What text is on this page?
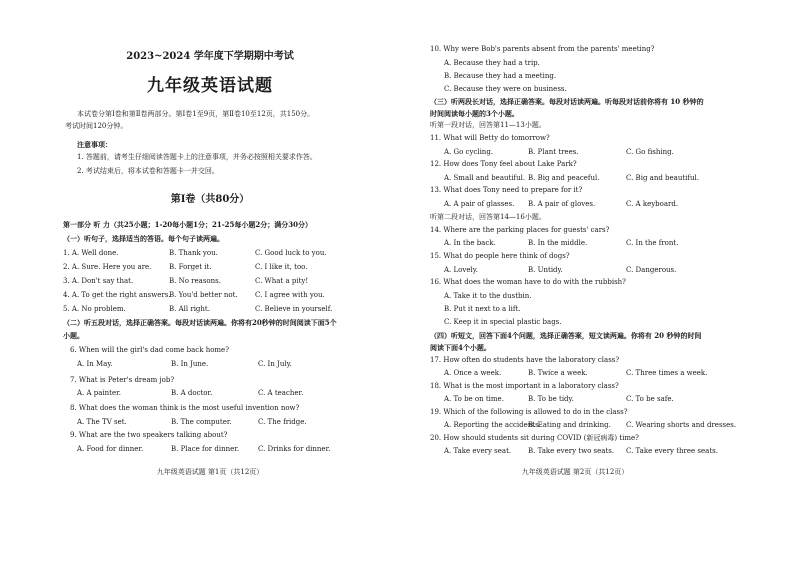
2023~2024 学年度下学期期中考试
九年级英语试题
本试卷分第Ⅰ卷和第Ⅱ卷两部分。第Ⅰ卷1至9页，第Ⅱ卷10至12页，共150分。
考试时间120分钟。
注意事项：
1. 答题前，请考生仔细阅读答题卡上的注意事项，并务必按照相关要求作答。
2. 考试结束后，将本试卷和答题卡一并交回。
第Ⅰ卷（共80分）
第一部分 听 力（共25小题；1-20每小题1分；21-25每小题2分；满分30分）
（一）听句子，选择适当的答语。每个句子读两遍。
1. A. Well done.	B. Thank you.	C. Good luck to you.
2. A. Sure. Here you are.	B. Forget it.	C. I like it, too.
3. A. Don't say that.	B. No reasons.	C. What a pity!
4. A. To get the right answers.
B. You'd better not. C. I agree with you.
5. A. No problem.	B. All right.	C. Believe in yourself.
（二）听五段对话，选择正确答案。每段对话读两遍。你将有20秒钟的时间阅读下面5个
小题。
6. When will the girl's dad come back home?
A. In May.	B. In June.	C. In July.
7. What is Peter's dream job?
A. A painter.	B. A doctor.	C. A teacher.
8. What does the woman think is the most useful invention now?
A. The TV set.	B. The computer.	C. The fridge.
9. What are the two speakers talking about?
A. Food for dinner.	B. Place for dinner.	C. Drinks for dinner.
九年级英语试题 第1页（共12页）
10. Why were Bob's parents absent from the parents' meeting?
A. Because they had a trip.
B. Because they had a meeting.
C. Because they were on business.
（三）听两段长对话，选择正确答案。每段对话读两遍。听每段对话前你将有 10 秒钟的
时间阅读每小题的3个小题。
听第一段对话，回答第11—13小题。
11. What will Betty do tomorrow?
A. Go cycling.	B. Plant trees.	C. Go fishing.
12. How does Tony feel about Lake Park?
A. Small and beautiful. B. Big and peaceful.	C. Big and beautiful.
13. What does Tony need to prepare for it?
A. A pair of glasses. B. A pair of gloves.	C. A keyboard.
听第二段对话，回答第14—16小题。
14. Where are the parking places for guests' cars?
A. In the back.	B. In the middle.	C. In the front.
15. What do people here think of dogs?
A. Lovely.	B. Untidy.	C. Dangerous.
16. What does the woman have to do with the rubbish?
A. Take it to the dustbin.
B. Put it next to a lift.
C. Keep it in special plastic bags.
（四）听短文，回答下面4个问题，选择正确答案，短文读两遍。你将有 20 秒钟的时间
阅读下面4个小题。
17. How often do students have the laboratory class?
A. Once a week.	B. Twice a week.	C. Three times a week.
18. What is the most important in a laboratory class?
A. To be on time.	B. To be tidy.	C. To be safe.
19. Which of the following is allowed to do in the class?
A. Reporting the accidents.
B. Eating and drinking. C. Wearing shorts and dresses.
20. How should students sit during COVID (新冠病毒) time?
A. Take every seat. B. Take every two seats. C. Take every three seats.
九年级英语试题 第2页（共12页）
